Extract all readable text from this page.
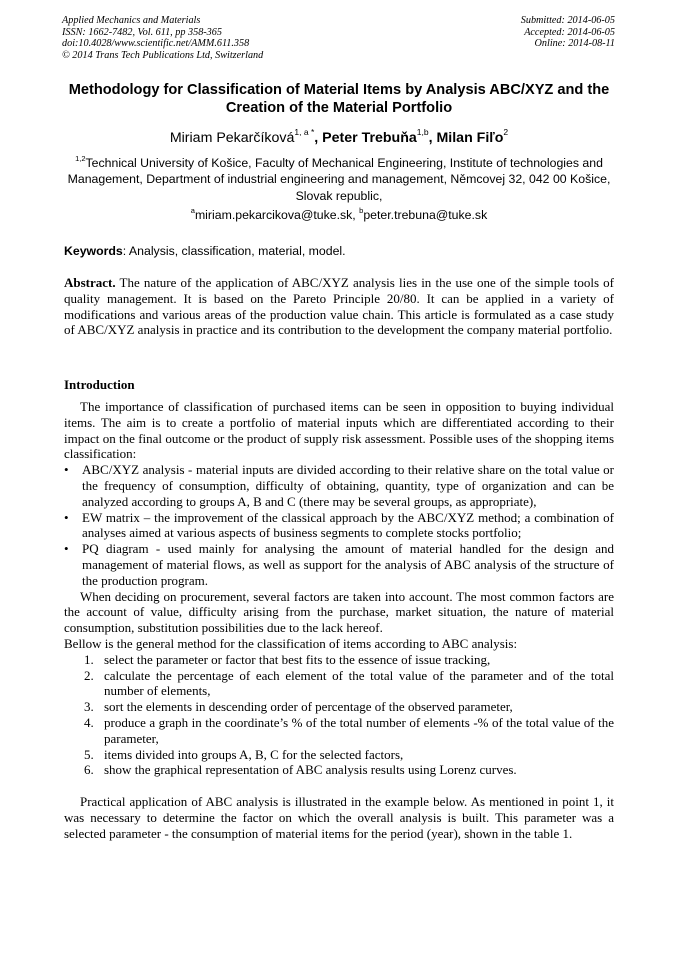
Applied Mechanics and Materials
ISSN: 1662-7482, Vol. 611, pp 358-365
doi:10.4028/www.scientific.net/AMM.611.358
© 2014 Trans Tech Publications Ltd, Switzerland
Submitted: 2014-06-05
Accepted: 2014-06-05
Online: 2014-08-11
Methodology for Classification of Material Items by Analysis ABC/XYZ and the Creation of the Material Portfolio
Miriam Pekarčíková$^{1, a *}$, Peter Trebuňa$^{1,b}$, Milan Fiľo$^2$
$^{1,2}$Technical University of Košice, Faculty of Mechanical Engineering, Institute of technologies and Management, Department of industrial engineering and management, Němcovej 32, 042 00 Košice, Slovak republic,
$^a$miriam.pekarcikova@tuke.sk, $^b$peter.trebuna@tuke.sk
Keywords: Analysis, classification, material, model.
Abstract. The nature of the application of ABC/XYZ analysis lies in the use one of the simple tools of quality management. It is based on the Pareto Principle 20/80. It can be applied in a variety of modifications and various areas of the production value chain. This article is formulated as a case study of ABC/XYZ analysis in practice and its contribution to the development the company material portfolio.
Introduction

The importance of classification of purchased items can be seen in opposition to buying individual items. The aim is to create a portfolio of material inputs which are differentiated according to their impact on the final outcome or the product of supply risk assessment. Possible uses of the shopping items classification:

• ABC/XYZ analysis - material inputs are divided according to their relative share on the total value or the frequency of consumption, difficulty of obtaining, quantity, type of organization and can be analyzed according to groups A, B and C (there may be several groups, as appropriate),
• EW matrix – the improvement of the classical approach by the ABC/XYZ method; a combination of analyses aimed at various aspects of business segments to complete stocks portfolio;
• PQ diagram - used mainly for analysing the amount of material handled for the design and management of material flows, as well as support for the analysis of ABC analysis of the structure of the production program.

When deciding on procurement, several factors are taken into account. The most common factors are the account of value, difficulty arising from the purchase, market situation, the nature of material consumption, substitution possibilities due to the lack hereof.

Bellow is the general method for the classification of items according to ABC analysis:

1. select the parameter or factor that best fits to the essence of issue tracking,
2. calculate the percentage of each element of the total value of the parameter and of the total number of elements,
3. sort the elements in descending order of percentage of the observed parameter,
4. produce a graph in the coordinate’s % of the total number of elements -% of the total value of the parameter,
5. items divided into groups A, B, C for the selected factors,
6. show the graphical representation of ABC analysis results using Lorenz curves.

Practical application of ABC analysis is illustrated in the example below. As mentioned in point 1, it was necessary to determine the factor on which the overall analysis is built. This parameter was a selected parameter - the consumption of material items for the period (year), shown in the table 1.
